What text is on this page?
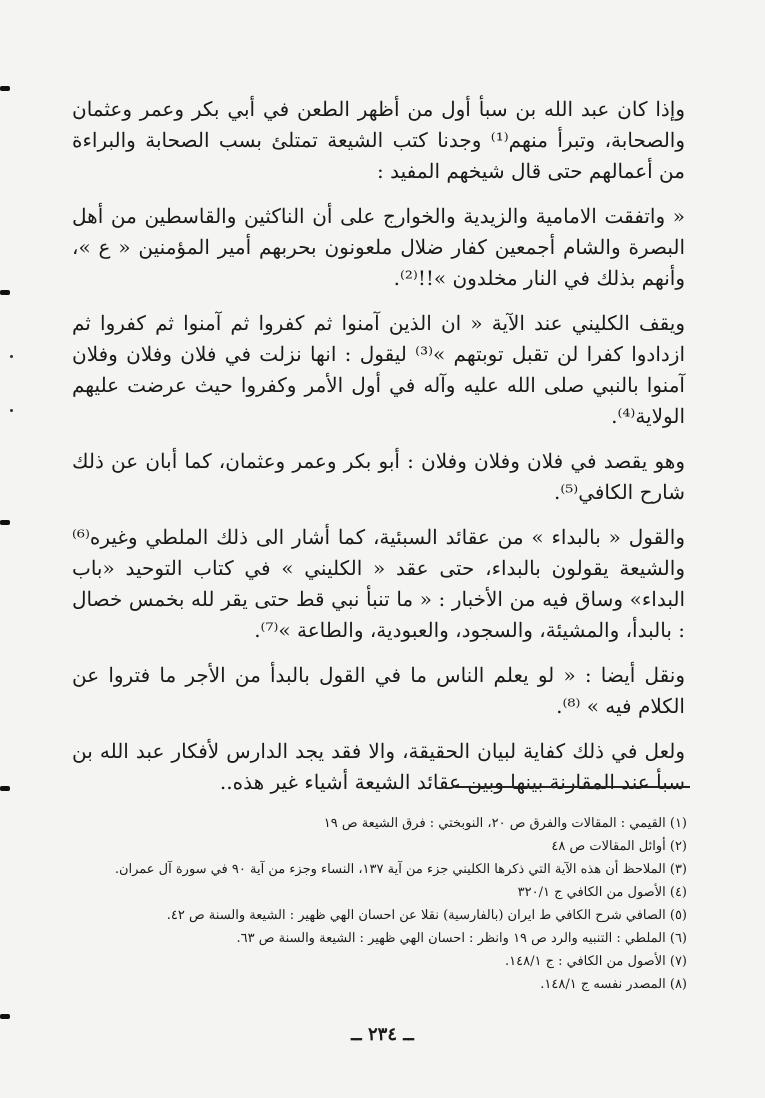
وإذا كان عبد الله بن سبأ أول من أظهر الطعن في أبي بكر وعمر وعثمان والصحابة، وتبرأ منهم⁽¹⁾ وجدنا كتب الشيعة تمتلئ بسب الصحابة والبراءة من أعمالهم حتى قال شيخهم المفيد :

« واتفقت الامامية والزيدية والخوارج على أن الناكثين والقاسطين من أهل البصرة والشام أجمعين كفار ضلال ملعونون بحربهم أمير المؤمنين « ع »، وأنهم بذلك في النار مخلدون »!!⁽²⁾.

ويقف الكليني عند الآية « ان الذين آمنوا ثم كفروا ثم آمنوا ثم كفروا ثم ازدادوا كفرا لن تقبل توبتهم »⁽³⁾ ليقول : انها نزلت في فلان وفلان وفلان آمنوا بالنبي صلى الله عليه وآله في أول الأمر وكفروا حيث عرضت عليهم الولاية⁽⁴⁾.

وهو يقصد في فلان وفلان وفلان : أبو بكر وعمر وعثمان، كما أبان عن ذلك شارح الكافي⁽⁵⁾.

والقول « بالبداء » من عقائد السبئية، كما أشار الى ذلك الملطي وغيره⁽⁶⁾ والشيعة يقولون بالبداء، حتى عقد « الكليني » في كتاب التوحيد «باب البداء» وساق فيه من الأخبار : « ما تنبأ نبي قط حتى يقر لله بخمس خصال : بالبدأ، والمشيئة، والسجود، والعبودية، والطاعة »⁽⁷⁾.

ونقل أيضا : « لو يعلم الناس ما في القول بالبدأ من الأجر ما فتروا عن الكلام فيه » ⁽⁸⁾.

ولعل في ذلك كفاية لبيان الحقيقة، والا فقد يجد الدارس لأفكار عبد الله بن سبأ عند المقارنة بينها وبين عقائد الشيعة أشياء غير هذه..

(١) القيمي : المقالات والفرق ص ٢٠، النوبختي : فرق الشيعة ص ١٩

(٢) أوائل المقالات ص ٤٨

(٣) الملاحظ أن هذه الآية التي ذكرها الكليني جزء من آية ١٣٧، النساء وجزء من آية ٩٠ في سورة آل عمران.

(٤) الأصول من الكافي ج ٣٢٠/١

(٥) الصافي شرح الكافي ط ايران (بالفارسية) نقلا عن احسان الهي ظهير : الشيعة والسنة ص ٤٢.

(٦) الملطي : التنبيه والرد ص ١٩ وانظر : احسان الهي ظهير : الشيعة والسنة ص ٦٣.

(٧) الأصول من الكافي : ج ١٤٨/١.

(٨) المصدر نفسه ج ١٤٨/١.

ــ ٢٣٤ ــ
